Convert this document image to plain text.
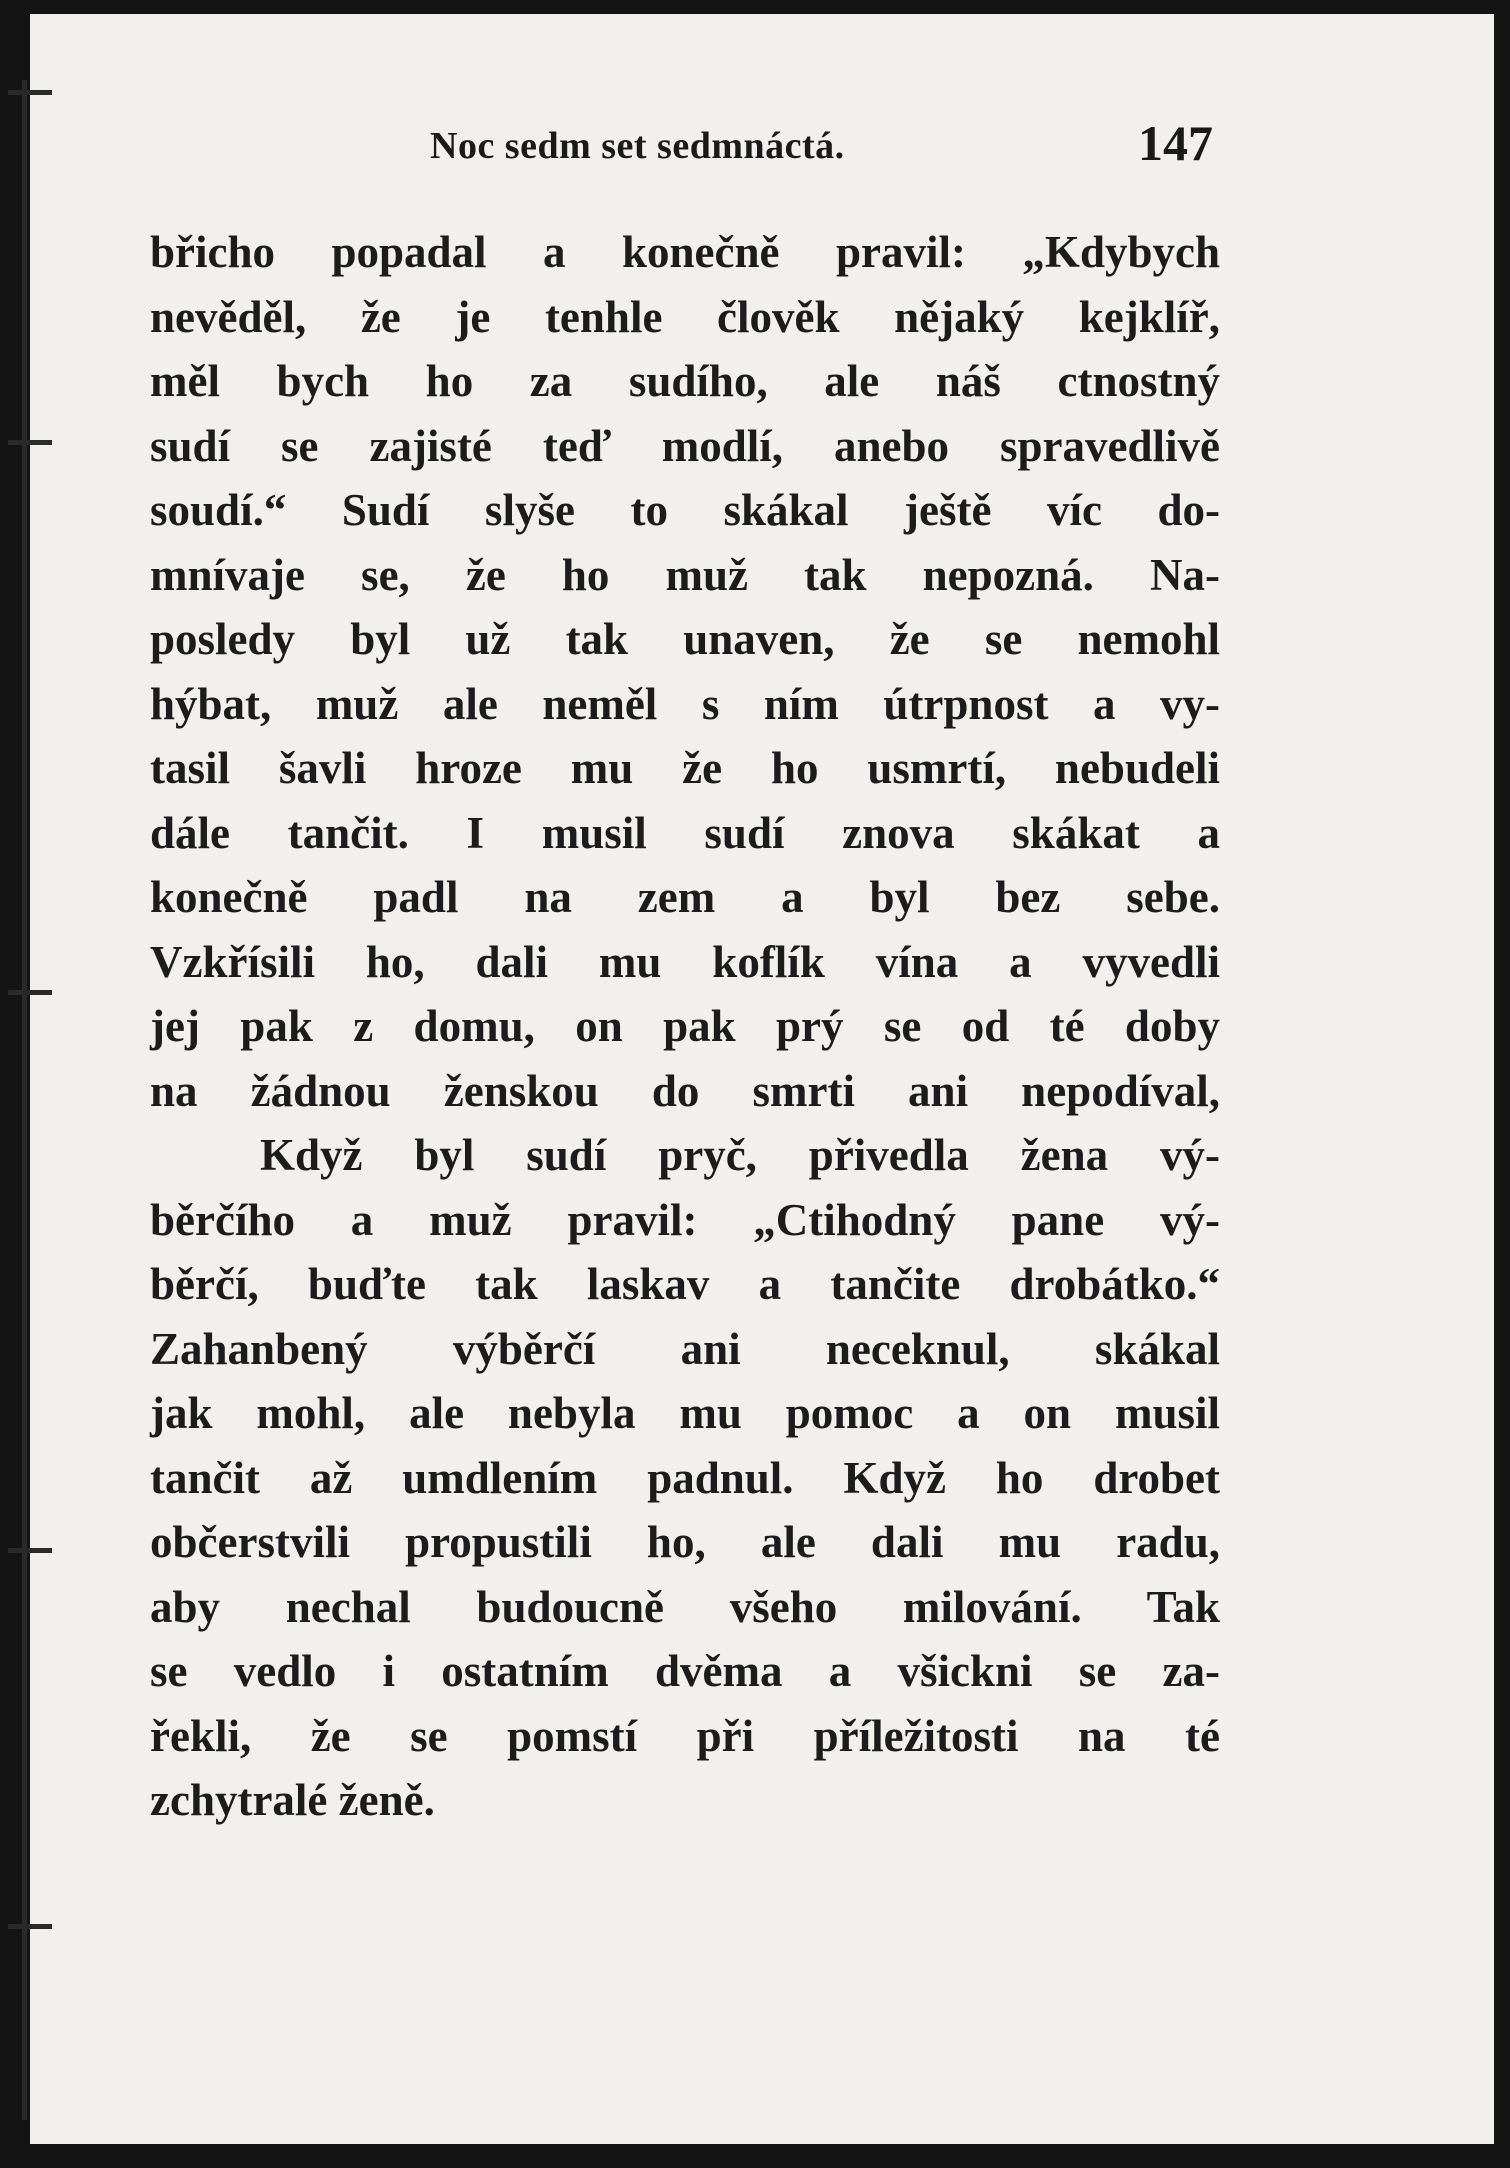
Noc sedm set sedmnáctá.	147
břicho popadal a konečně pravil: „Kdybych
nevěděl, že je tenhle člověk nějaký kejklíř,
měl bych ho za sudího, ale náš ctnostný
sudí se zajisté teď modlí, anebo spravedlivě
soudí.“ Sudí slyše to skákal ještě víc do-
mnívaje se, že ho muž tak nepozná. Na-
posledy byl už tak unaven, že se nemohl
hýbat, muž ale neměl s ním útrpnost a vy-
tasil šavli hroze mu že ho usmrtí, nebudeli
dále tančit. I musil sudí znova skákat a
konečně padl na zem a byl bez sebe.
Vzkřísili ho, dali mu koflík vína a vyvedli
jej pak z domu, on pak prý se od té doby
na žádnou ženskou do smrti ani nepodíval,
Když byl sudí pryč, přivedla žena vý-
běrčího a muž pravil: „Ctihodný pane vý-
běrčí, buďte tak laskav a tančite drobátko.“
Zahanbený výběrčí ani neceknul, skákal
jak mohl, ale nebyla mu pomoc a on musil
tančit až umdlením padnul. Když ho drobet
občerstvili propustili ho, ale dali mu radu,
aby nechal budoucně všeho milování. Tak
se vedlo i ostatním dvěma a všickni se za-
řekli, že se pomstí při příležitosti na té
zchytralé ženě.
